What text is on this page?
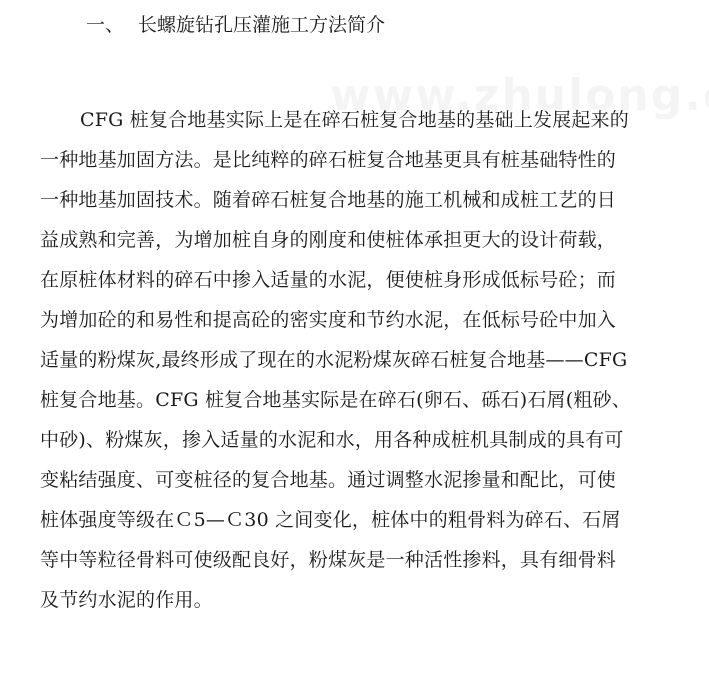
一、 长螺旋钻孔压灌施工方法简介
CFG 桩复合地基实际上是在碎石桩复合地基的基础上发展起来的
一种地基加固方法。是比纯粹的碎石桩复合地基更具有桩基础特性的
一种地基加固技术。随着碎石桩复合地基的施工机械和成桩工艺的日
益成熟和完善，为增加桩自身的刚度和使桩体承担更大的设计荷载，
在原桩体材料的碎石中掺入适量的水泥，便使桩身形成低标号砼；而
为增加砼的和易性和提高砼的密实度和节约水泥，在低标号砼中加入
适量的粉煤灰,最终形成了现在的水泥粉煤灰碎石桩复合地基——CFG
桩复合地基。CFG 桩复合地基实际是在碎石(卵石、砾石)石屑(粗砂、
中砂)、粉煤灰，掺入适量的水泥和水，用各种成桩机具制成的具有可
变粘结强度、可变桩径的复合地基。通过调整水泥掺量和配比，可使
桩体强度等级在Ｃ5—Ｃ30 之间变化，桩体中的粗骨料为碎石、石屑
等中等粒径骨料可使级配良好，粉煤灰是一种活性掺料，具有细骨料
及节约水泥的作用。
